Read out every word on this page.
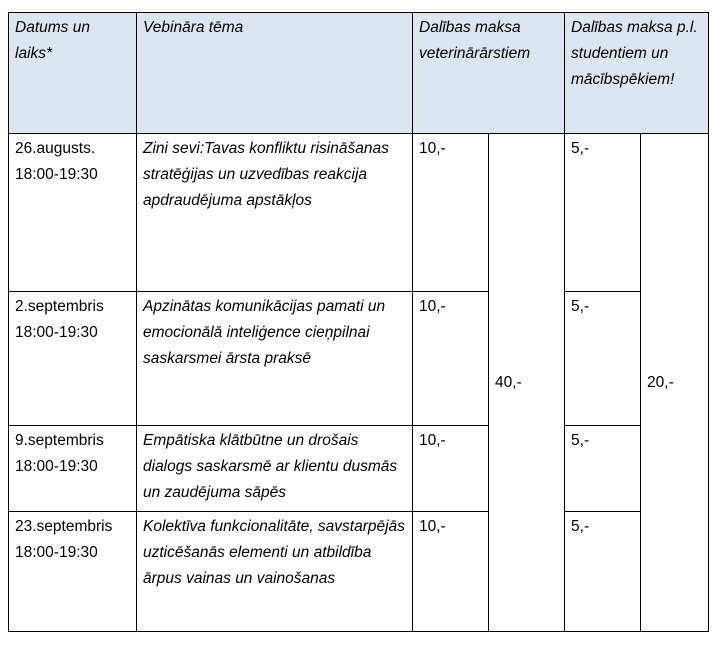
Datums un laiks*	Vebināra tēma	Dalības maksa veterinārārstiem		Dalības maksa p.l. studentiem un mācībspēkiem!	

26.augusts.
18:00-19:30	Zini sevi:Tavas konfliktu risināšanas stratēģijas un uzvedības reakcija apdraudējuma apstākļos	10,-	40,-	5,-	20,-

2.septembris
18:00-19:30	Apzinātas komunikācijas pamati un emocionālā inteliģence cieņpilnai saskarsmei ārsta praksē	10,-		5,-	

9.septembris
18:00-19:30	Empātiska klātbūtne un drošais dialogs saskarsmē ar klientu dusmās un zaudējuma sāpēs	10,-		5,-	

23.septembris
18:00-19:30	Kolektīva funkcionalitāte, savstarpējās uzticēšanās elementi un atbildība ārpus vainas un vainošanas	10,-		5,-	
